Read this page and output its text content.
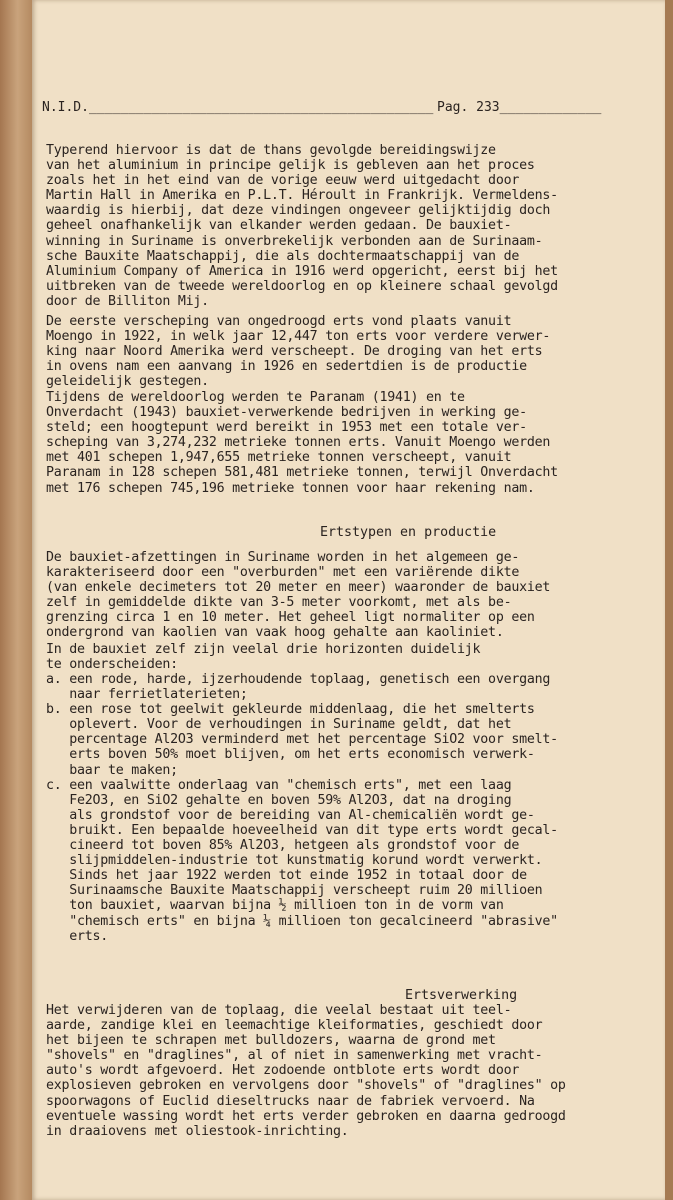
N.I.D.____________________________________________

Pag. 233_____________

Typerend hiervoor is dat de thans gevolgde bereidingswijze
van het aluminium in principe gelijk is gebleven aan het proces
zoals het in het eind van de vorige eeuw werd uitgedacht door
Martin Hall in Amerika en P.L.T. Héroult in Frankrijk. Vermeldens-
waardig is hierbij, dat deze vindingen ongeveer gelijktijdig doch
geheel onafhankelijk van elkander werden gedaan. De bauxiet-
winning in Suriname is onverbrekelijk verbonden aan de Surinaam-
sche Bauxite Maatschappij, die als dochtermaatschappij van de
Aluminium Company of America in 1916 werd opgericht, eerst bij het
uitbreken van de tweede wereldoorlog en op kleinere schaal gevolgd
door de Billiton Mij.
De eerste verscheping van ongedroogd erts vond plaats vanuit
Moengo in 1922, in welk jaar 12,447 ton erts voor verdere verwer-
king naar Noord Amerika werd verscheept. De droging van het erts
in ovens nam een aanvang in 1926 en sedertdien is de productie
geleidelijk gestegen.
Tijdens de wereldoorlog werden te Paranam (1941) en te
Onverdacht (1943) bauxiet-verwerkende bedrijven in werking ge-
steld; een hoogtepunt werd bereikt in 1953 met een totale ver-
scheping van 3,274,232 metrieke tonnen erts. Vanuit Moengo werden
met 401 schepen 1,947,655 metrieke tonnen verscheept, vanuit
Paranam in 128 schepen 581,481 metrieke tonnen, terwijl Onverdacht
met 176 schepen 745,196 metrieke tonnen voor haar rekening nam.
Ertstypen en productie
De bauxiet-afzettingen in Suriname worden in het algemeen ge-
karakteriseerd door een "overburden" met een variërende dikte
(van enkele decimeters tot 20 meter en meer) waaronder de bauxiet
zelf in gemiddelde dikte van 3-5 meter voorkomt, met als be-
grenzing circa 1 en 10 meter. Het geheel ligt normaliter op een
ondergrond van kaolien van vaak hoog gehalte aan kaoliniet.
In de bauxiet zelf zijn veelal drie horizonten duidelijk
te onderscheiden:
a. een rode, harde, ijzerhoudende toplaag, genetisch een overgang
naar ferrietlaterieten;
b. een rose tot geelwit gekleurde middenlaag, die het smelterts
oplevert. Voor de verhoudingen in Suriname geldt, dat het
percentage Al2O3 verminderd met het percentage SiO2 voor smelt-
erts boven 50% moet blijven, om het erts economisch verwerk-
baar te maken;
c. een vaalwitte onderlaag van "chemisch erts", met een laag
Fe2O3, en SiO2 gehalte en boven 59% Al2O3, dat na droging
als grondstof voor de bereiding van Al-chemicaliën wordt ge-
bruikt. Een bepaalde hoeveelheid van dit type erts wordt gecal-
cineerd tot boven 85% Al2O3, hetgeen als grondstof voor de
slijpmiddelen-industrie tot kunstmatig korund wordt verwerkt.
Sinds het jaar 1922 werden tot einde 1952 in totaal door de
Surinaamsche Bauxite Maatschappij verscheept ruim 20 millioen
ton bauxiet, waarvan bijna ½ millioen ton in de vorm van
"chemisch erts" en bijna ¼ millioen ton gecalcineerd "abrasive"
erts.
Ertsverwerking
Het verwijderen van de toplaag, die veelal bestaat uit teel-
aarde, zandige klei en leemachtige kleiformaties, geschiedt door
het bijeen te schrapen met bulldozers, waarna de grond met
"shovels" en "draglines", al of niet in samenwerking met vracht-
auto's wordt afgevoerd. Het zodoende ontblote erts wordt door
explosieven gebroken en vervolgens door "shovels" of "draglines" op
spoorwagons of Euclid dieseltrucks naar de fabriek vervoerd. Na
eventuele wassing wordt het erts verder gebroken en daarna gedroogd
in draaiovens met oliestook-inrichting.
